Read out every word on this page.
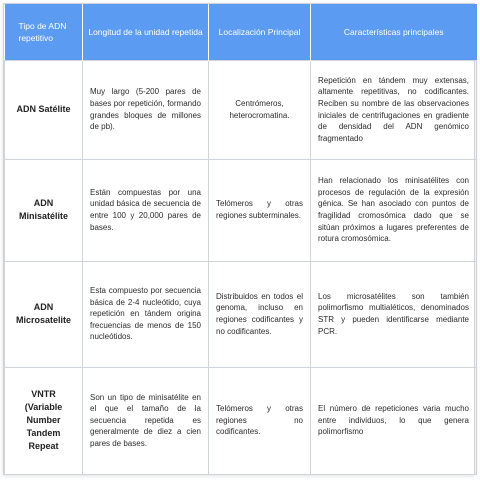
Tipo de ADN repetitivo	Longitud de la unidad repetida	Localización Principal	Características principales
ADN Satélite	Muy largo (5-200 pares de bases por repetición, formando grandes bloques de millones de pb).	Centrómeros, heterocromatina.	Repetición en tándem muy extensas, altamente repetitivas, no codificantes. Reciben su nombre de las observaciones iniciales de centrifugaciones en gradiente de densidad del ADN genómico fragmentado
ADN Minisatélite	Están compuestas por una unidad básica de secuencia de entre 100 y 20,000 pares de bases.	Telómeros y otras regiones subterminales.	Han relacionado los minisatélites con procesos de regulación de la expresión génica. Se han asociado con puntos de fragilidad cromosómica dado que se sitúan próximos a lugares preferentes de rotura cromosómica.
ADN Microsatelite	Esta compuesto por secuencia básica de 2-4 nucleótido, cuya repetición en tándem origina frecuencias de menos de 150 nucleótidos.	Distribuidos en todos el genoma, incluso en regiones codificantes y no codificantes.	Los microsatélites son también polimorfismo multialéticos, denominados STR y pueden identificarse mediante PCR.
VNTR (Variable Number Tandem Repeat	Son un tipo de minisatélite en el que el tamaño de la secuencia repetida es generalmente de diez a cien pares de bases.	Telómeros y otras regiones no codificantes.	El número de repeticiones varia mucho entre individuos, lo que genera polimorfismo
